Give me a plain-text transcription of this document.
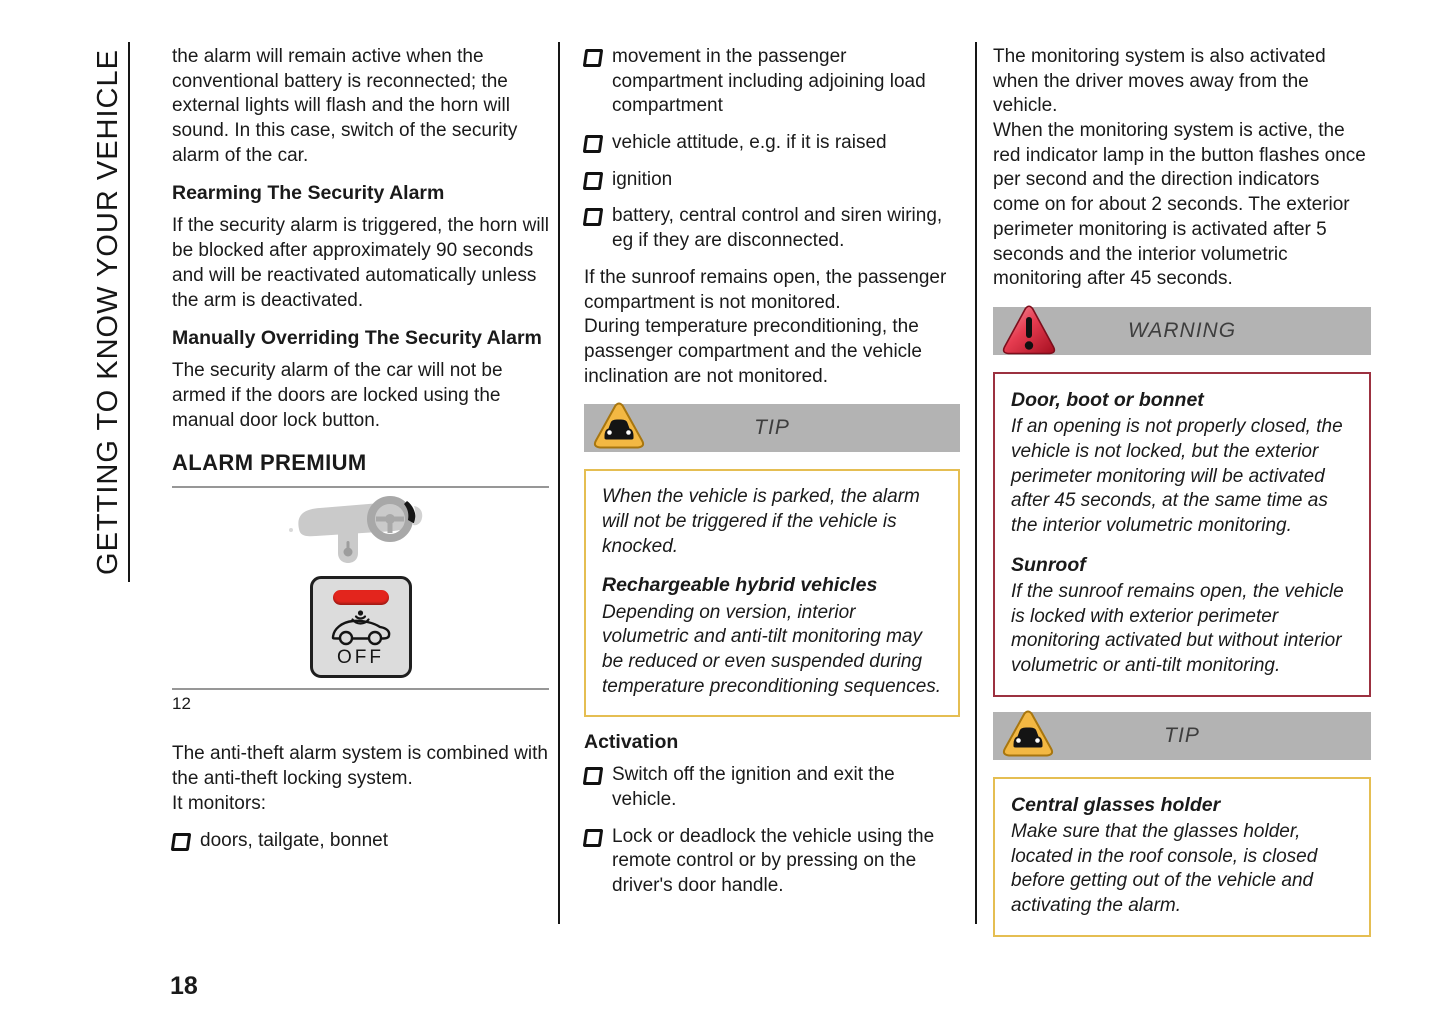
GETTING TO KNOW YOUR VEHICLE	the alarm will remain active when the conventional battery is reconnected; the external lights will flash and the horn will sound. In this case, switch of the security alarm of the car.

Rearming The Security Alarm

If the security alarm is triggered, the horn will be blocked after approximately 90 seconds and will be reactivated automatically unless the arm is deactivated.

Manually Overriding The Security Alarm

The security alarm of the car will not be armed if the doors are locked using the manual door lock button.

ALARM PREMIUM
OFF
12

The anti-theft alarm system is combined with the anti-theft locking system.

It monitors:

doors, tailgate, bonnet
movement in the passenger compartment including adjoining load compartment
vehicle attitude, e.g. if it is raised
ignition
battery, central control and siren wiring, eg if they are disconnected.

If the sunroof remains open, the passenger compartment is not monitored.

During temperature preconditioning, the passenger compartment and the vehicle inclination are not monitored.

TIP
When the vehicle is parked, the alarm will not be triggered if the vehicle is knocked.
Rechargeable hybrid vehicles
Depending on version, interior volumetric and anti-tilt monitoring may be reduced or even suspended during temperature preconditioning sequences.
Activation
Switch off the ignition and exit the vehicle.
Lock or deadlock the vehicle using the remote control or by pressing on the driver's door handle.

The monitoring system is also activated when the driver moves away from the vehicle.

When the monitoring system is active, the red indicator lamp in the button flashes once per second and the direction indicators come on for about 2 seconds. The exterior perimeter monitoring is activated after 5 seconds and the interior volumetric monitoring after 45 seconds.

WARNING
Door, boot or bonnet
If an opening is not properly closed, the vehicle is not locked, but the exterior perimeter monitoring will be activated after 45 seconds, at the same time as the interior volumetric monitoring.
Sunroof
If the sunroof remains open, the vehicle is locked with exterior perimeter monitoring activated but without interior volumetric or anti-tilt monitoring.
TIP
Central glasses holder
Make sure that the glasses holder, located in the roof console, is closed before getting out of the vehicle and activating the alarm.
18
